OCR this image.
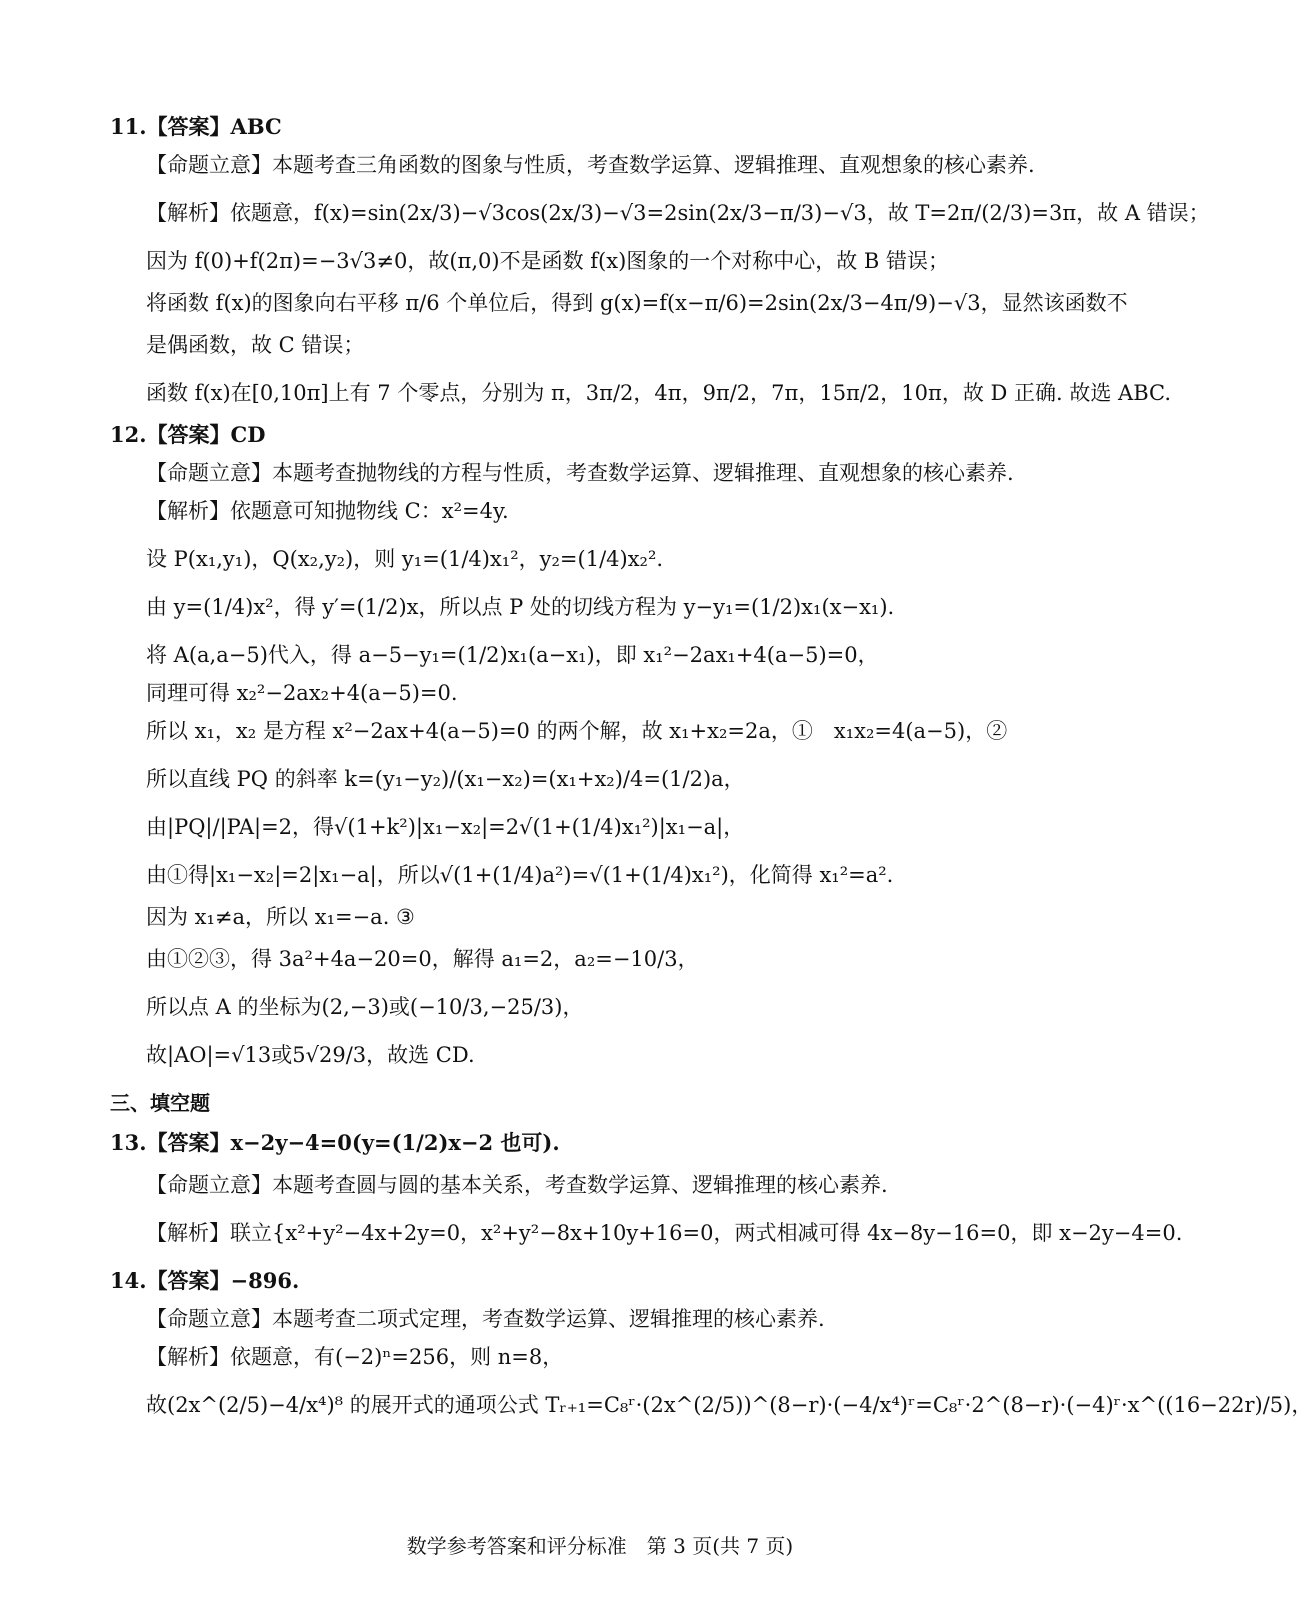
11.【答案】ABC
【命题立意】本题考查三角函数的图象与性质，考查数学运算、逻辑推理、直观想象的核心素养.
【解析】依题意，f(x)=sin(2x/3)−√3cos(2x/3)−√3=2sin(2x/3−π/3)−√3，故 T=2π/(2/3)=3π，故 A 错误；
因为 f(0)+f(2π)=−3√3≠0，故(π,0)不是函数 f(x)图象的一个对称中心，故 B 错误；
将函数 f(x)的图象向右平移 π/6 个单位后，得到 g(x)=f(x−π/6)=2sin(2x/3−4π/9)−√3，显然该函数不
是偶函数，故 C 错误；
函数 f(x)在[0,10π]上有 7 个零点，分别为 π，3π/2，4π，9π/2，7π，15π/2，10π，故 D 正确. 故选 ABC.
12.【答案】CD
【命题立意】本题考查抛物线的方程与性质，考查数学运算、逻辑推理、直观想象的核心素养.
【解析】依题意可知抛物线 C：x²=4y.
设 P(x₁,y₁)，Q(x₂,y₂)，则 y₁=(1/4)x₁²，y₂=(1/4)x₂².
由 y=(1/4)x²，得 y′=(1/2)x，所以点 P 处的切线方程为 y−y₁=(1/2)x₁(x−x₁).
将 A(a,a−5)代入，得 a−5−y₁=(1/2)x₁(a−x₁)，即 x₁²−2ax₁+4(a−5)=0，
同理可得 x₂²−2ax₂+4(a−5)=0.
所以 x₁，x₂ 是方程 x²−2ax+4(a−5)=0 的两个解，故 x₁+x₂=2a，①　x₁x₂=4(a−5)，②
所以直线 PQ 的斜率 k=(y₁−y₂)/(x₁−x₂)=(x₁+x₂)/4=(1/2)a，
由|PQ|/|PA|=2，得√(1+k²)|x₁−x₂|=2√(1+(1/4)x₁²)|x₁−a|，
由①得|x₁−x₂|=2|x₁−a|，所以√(1+(1/4)a²)=√(1+(1/4)x₁²)，化简得 x₁²=a².
因为 x₁≠a，所以 x₁=−a. ③
由①②③，得 3a²+4a−20=0，解得 a₁=2，a₂=−10/3，
所以点 A 的坐标为(2,−3)或(−10/3,−25/3)，
故|AO|=√13或5√29/3，故选 CD.
三、填空题
13.【答案】x−2y−4=0(y=(1/2)x−2 也可).
【命题立意】本题考查圆与圆的基本关系，考查数学运算、逻辑推理的核心素养.
【解析】联立{x²+y²−4x+2y=0，x²+y²−8x+10y+16=0，两式相减可得 4x−8y−16=0，即 x−2y−4=0.
14.【答案】−896.
【命题立意】本题考查二项式定理，考查数学运算、逻辑推理的核心素养.
【解析】依题意，有(−2)ⁿ=256，则 n=8，
故(2x^(2/5)−4/x⁴)⁸ 的展开式的通项公式 Tᵣ₊₁=C₈ʳ·(2x^(2/5))^(8−r)·(−4/x⁴)ʳ=C₈ʳ·2^(8−r)·(−4)ʳ·x^((16−22r)/5)，
数学参考答案和评分标准　第 3 页(共 7 页)
